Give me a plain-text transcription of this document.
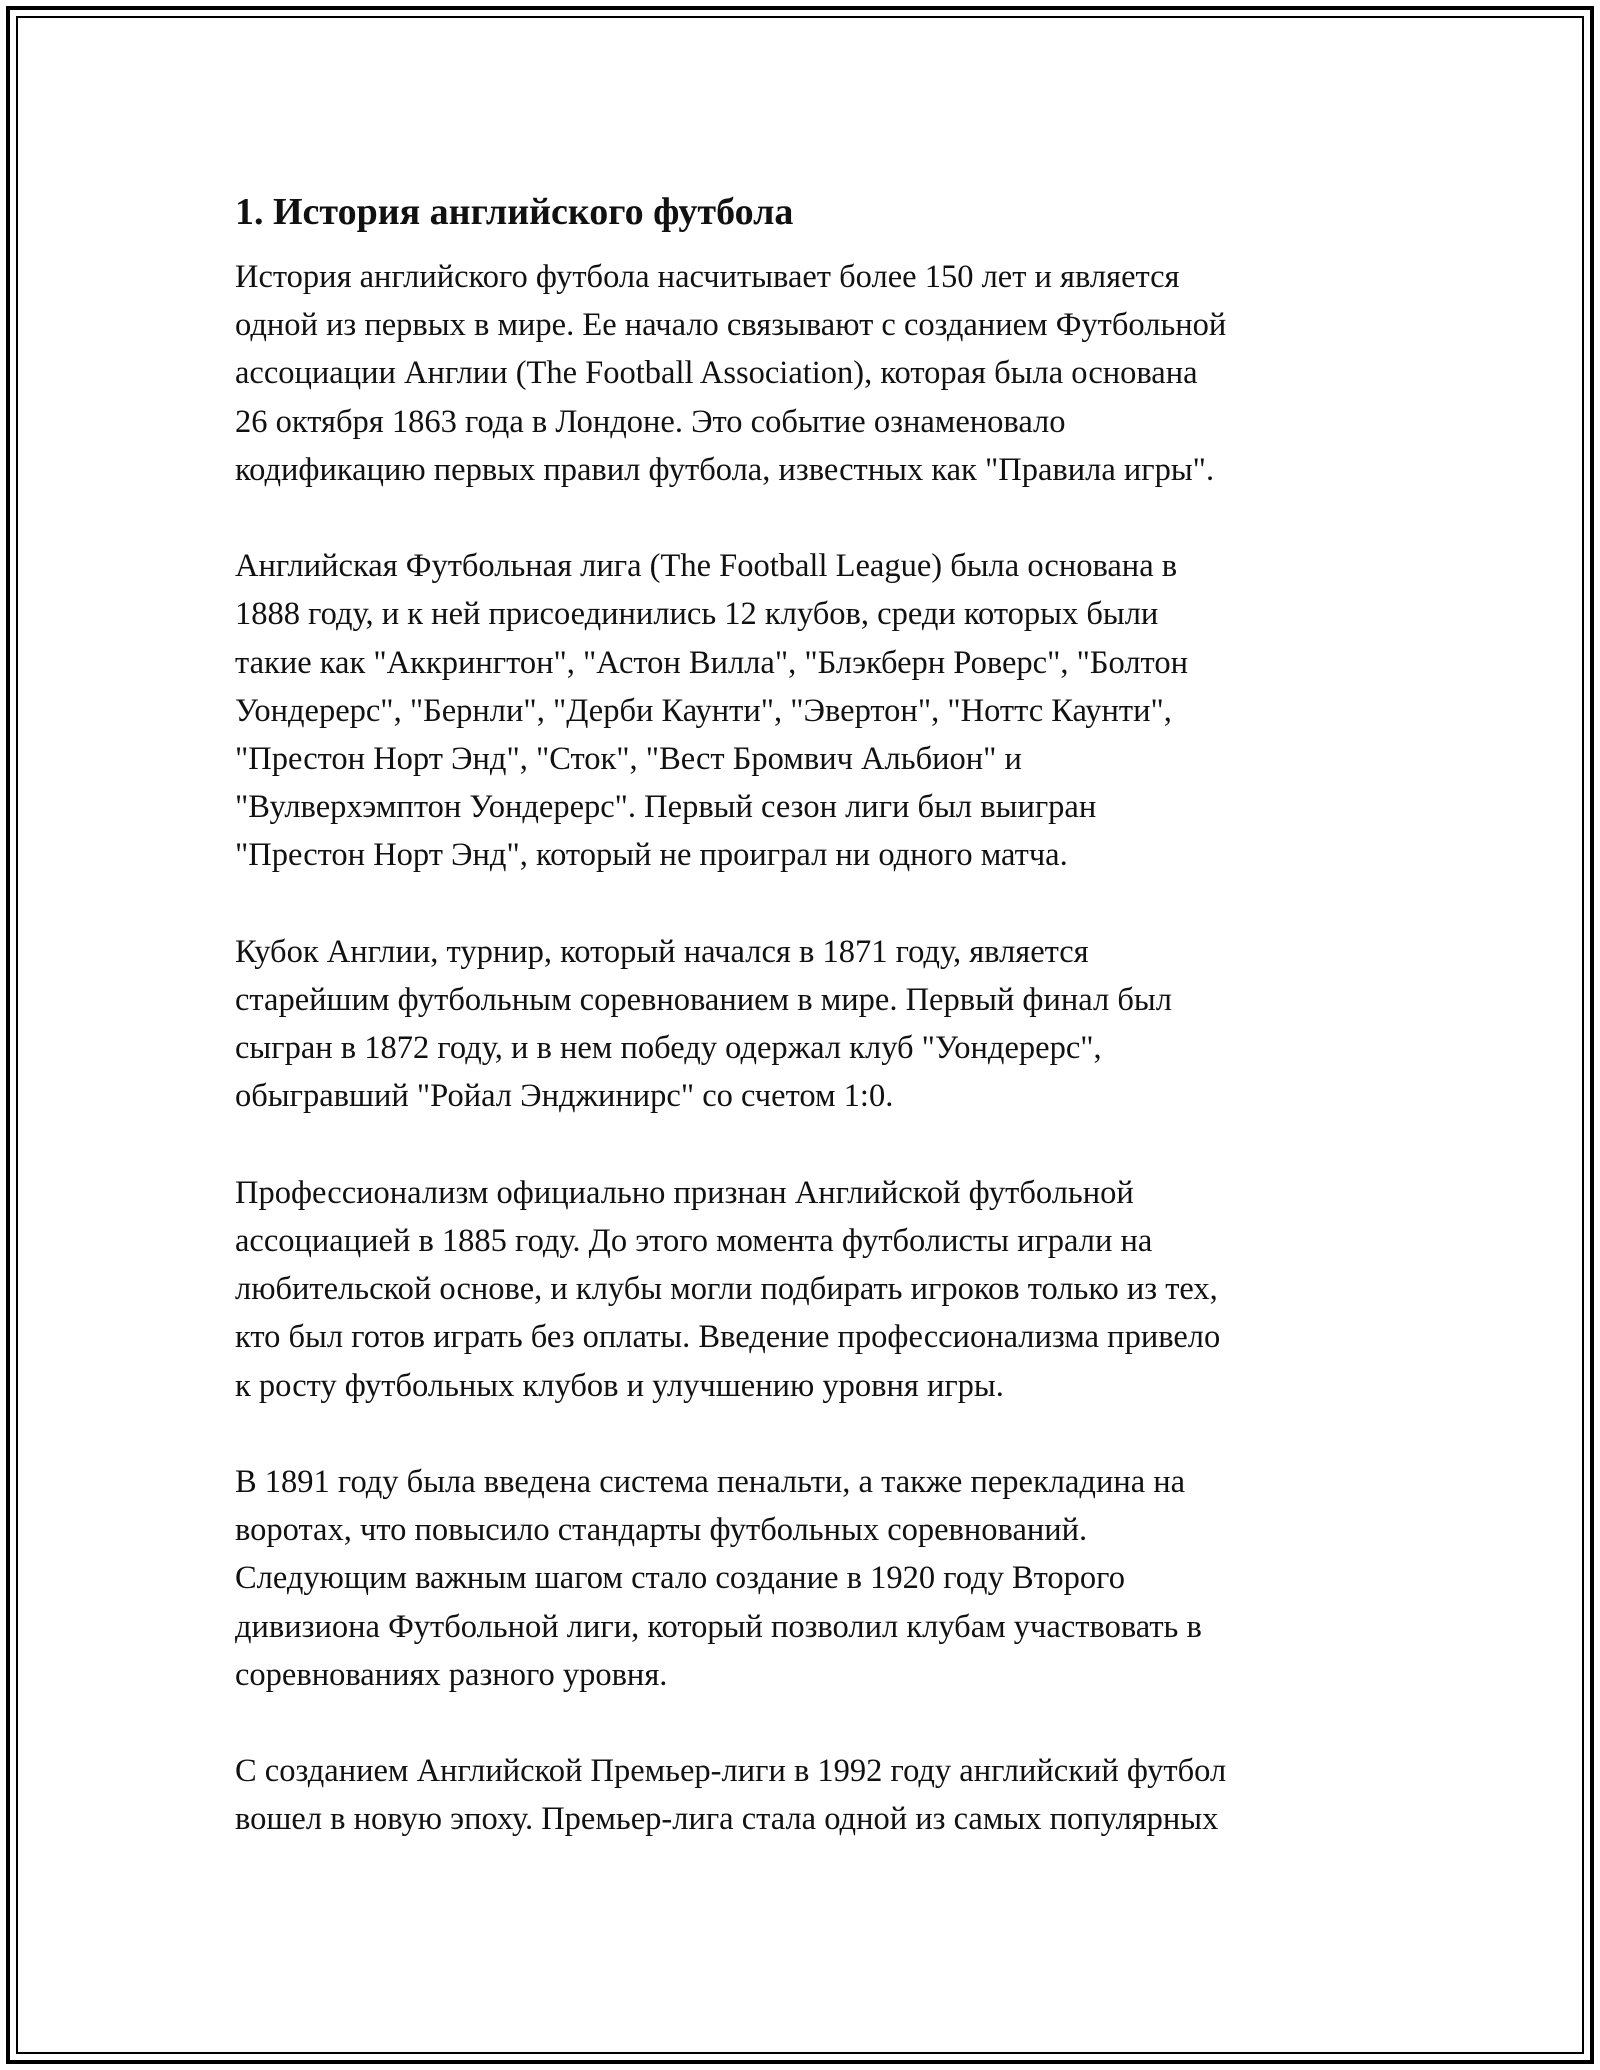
1. История английского футбола
История английского футбола насчитывает более 150 лет и является
одной из первых в мире. Ее начало связывают с созданием Футбольной
ассоциации Англии (The Football Association), которая была основана
26 октября 1863 года в Лондоне. Это событие ознаменовало
кодификацию первых правил футбола, известных как "Правила игры".
Английская Футбольная лига (The Football League) была основана в
1888 году, и к ней присоединились 12 клубов, среди которых были
такие как "Аккрингтон", "Астон Вилла", "Блэкберн Роверс", "Болтон
Уондерерс", "Бернли", "Дерби Каунти", "Эвертон", "Ноттс Каунти",
"Престон Норт Энд", "Сток", "Вест Бромвич Альбион" и
"Вулверхэмптон Уондерерс". Первый сезон лиги был выигран
"Престон Норт Энд", который не проиграл ни одного матча.
Кубок Англии, турнир, который начался в 1871 году, является
старейшим футбольным соревнованием в мире. Первый финал был
сыгран в 1872 году, и в нем победу одержал клуб "Уондерерс",
обыгравший "Ройал Энджинирс" со счетом 1:0.
Профессионализм официально признан Английской футбольной
ассоциацией в 1885 году. До этого момента футболисты играли на
любительской основе, и клубы могли подбирать игроков только из тех,
кто был готов играть без оплаты. Введение профессионализма привело
к росту футбольных клубов и улучшению уровня игры.
В 1891 году была введена система пенальти, а также перекладина на
воротах, что повысило стандарты футбольных соревнований.
Следующим важным шагом стало создание в 1920 году Второго
дивизиона Футбольной лиги, который позволил клубам участвовать в
соревнованиях разного уровня.
С созданием Английской Премьер-лиги в 1992 году английский футбол
вошел в новую эпоху. Премьер-лига стала одной из самых популярных
